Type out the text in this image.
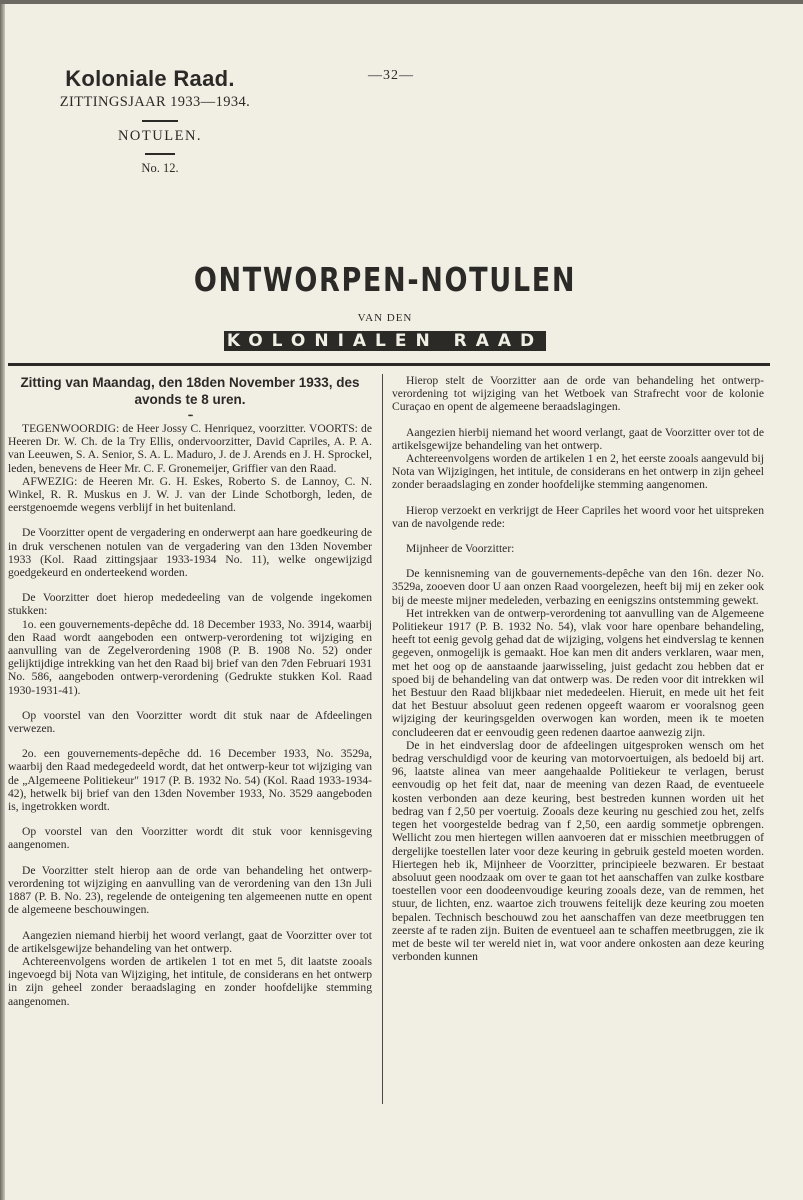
Koloniale Raad.
ZITTINGSJAAR 1933—1934.
NOTULEN.
No. 12.
—32—
ONTWORPEN-NOTULEN
VAN DEN
KOLONIALEN RAAD
Zitting van Maandag, den 18den November 1933, des avonds te 8 uren.
•••

TEGENWOORDIG: de Heer Jossy C. Henriquez, voorzitter. VOORTS: de Heeren Dr. W. Ch. de la Try Ellis, ondervoorzitter, David Capriles, A. P. A. van Leeuwen, S. A. Senior, S. A. L. Maduro, J. de J. Arends en J. H. Sprockel, leden, benevens de Heer Mr. C. F. Gronemeijer, Griffier van den Raad.

AFWEZIG: de Heeren Mr. G. H. Eskes, Roberto S. de Lannoy, C. N. Winkel, R. R. Muskus en J. W. J. van der Linde Schotborgh, leden, de eerstgenoemde wegens verblijf in het buitenland.

De Voorzitter opent de vergadering en onderwerpt aan hare goedkeuring de in druk verschenen notulen van de vergadering van den 13den November 1933 (Kol. Raad zittingsjaar 1933-1934 No. 11), welke ongewijzigd goedgekeurd en onderteekend worden.

De Voorzitter doet hierop mededeeling van de volgende ingekomen stukken:

1o. een gouvernements-depêche dd. 18 December 1933, No. 3914, waarbij den Raad wordt aangeboden een ontwerp-verordening tot wijziging en aanvulling van de Zegelverordening 1908 (P. B. 1908 No. 52) onder gelijktijdige intrekking van het den Raad bij brief van den 7den Februari 1931 No. 586, aangeboden ontwerp-verordening (Gedrukte stukken Kol. Raad 1930-1931-41).

Op voorstel van den Voorzitter wordt dit stuk naar de Afdeelingen verwezen.

2o. een gouvernements-depêche dd. 16 December 1933, No. 3529a, waarbij den Raad medegedeeld wordt, dat het ontwerp-keur tot wijziging van de „Algemeene Politiekeur" 1917 (P. B. 1932 No. 54) (Kol. Raad 1933-1934-42), hetwelk bij brief van den 13den November 1933, No. 3529 aangeboden is, ingetrokken wordt.

Op voorstel van den Voorzitter wordt dit stuk voor kennisgeving aangenomen.

De Voorzitter stelt hierop aan de orde van behandeling het ontwerp-verordening tot wijziging en aanvulling van de verordening van den 13n Juli 1887 (P. B. No. 23), regelende de onteigening ten algemeenen nutte en opent de algemeene beschouwingen.

Aangezien niemand hierbij het woord verlangt, gaat de Voorzitter over tot de artikelsgewijze behandeling van het ontwerp.

Achtereenvolgens worden de artikelen 1 tot en met 5, dit laatste zooals ingevoegd bij Nota van Wijziging, het intitule, de considerans en het ontwerp in zijn geheel zonder beraadslaging en zonder hoofdelijke stemming aangenomen.

Hierop stelt de Voorzitter aan de orde van behandeling het ontwerp-verordening tot wijziging van het Wetboek van Strafrecht voor de kolonie Curaçao en opent de algemeene beraadslagingen.

Aangezien hierbij niemand het woord verlangt, gaat de Voorzitter over tot de artikelsgewijze behandeling van het ontwerp.

Achtereenvolgens worden de artikelen 1 en 2, het eerste zooals aangevuld bij Nota van Wijzigingen, het intitule, de considerans en het ontwerp in zijn geheel zonder beraadslaging en zonder hoofdelijke stemming aangenomen.

Hierop verzoekt en verkrijgt de Heer Capriles het woord voor het uitspreken van de navolgende rede:

Mijnheer de Voorzitter:

De kennisneming van de gouvernements-depêche van den 16n. dezer No. 3529a, zooeven door U aan onzen Raad voorgelezen, heeft bij mij en zeker ook bij de meeste mijner medeleden, verbazing en eenigszins ontstemming gewekt.

Het intrekken van de ontwerp-verordening tot aanvulling van de Algemeene Politiekeur 1917 (P. B. 1932 No. 54), vlak voor hare openbare behandeling, heeft tot eenig gevolg gehad dat de wijziging, volgens het eindverslag te kennen gegeven, onmogelijk is gemaakt. Hoe kan men dit anders verklaren, waar men, met het oog op de aanstaande jaarwisseling, juist gedacht zou hebben dat er spoed bij de behandeling van dat ontwerp was. De reden voor dit intrekken wil het Bestuur den Raad blijkbaar niet mededeelen. Hieruit, en mede uit het feit dat het Bestuur absoluut geen redenen opgeeft waarom er vooralsnog geen wijziging der keuringsgelden overwogen kan worden, meen ik te moeten concludeeren dat er eenvoudig geen redenen daartoe aanwezig zijn.

De in het eindverslag door de afdeelingen uitgesproken wensch om het bedrag verschuldigd voor de keuring van motorvoertuigen, als bedoeld bij art. 96, laatste alinea van meer aangehaalde Politiekeur te verlagen, berust eenvoudig op het feit dat, naar de meening van dezen Raad, de eventueele kosten verbonden aan deze keuring, best bestreden kunnen worden uit het bedrag van f 2,50 per voertuig. Zooals deze keuring nu geschied zou het, zelfs tegen het voorgestelde bedrag van f 2,50, een aardig sommetje opbrengen. Wellicht zou men hiertegen willen aanvoeren dat er misschien meetbruggen of dergelijke toestellen later voor deze keuring in gebruik gesteld moeten worden. Hiertegen heb ik, Mijnheer de Voorzitter, principieele bezwaren. Er bestaat absoluut geen noodzaak om over te gaan tot het aanschaffen van zulke kostbare toestellen voor een doodeenvoudige keuring zooals deze, van de remmen, het stuur, de lichten, enz. waartoe zich trouwens feitelijk deze keuring zou moeten bepalen. Technisch beschouwd zou het aanschaffen van deze meetbruggen ten zeerste af te raden zijn. Buiten de eventueel aan te schaffen meetbruggen, zie ik met de beste wil ter wereld niet in, wat voor andere onkosten aan deze keuring verbonden kunnen
